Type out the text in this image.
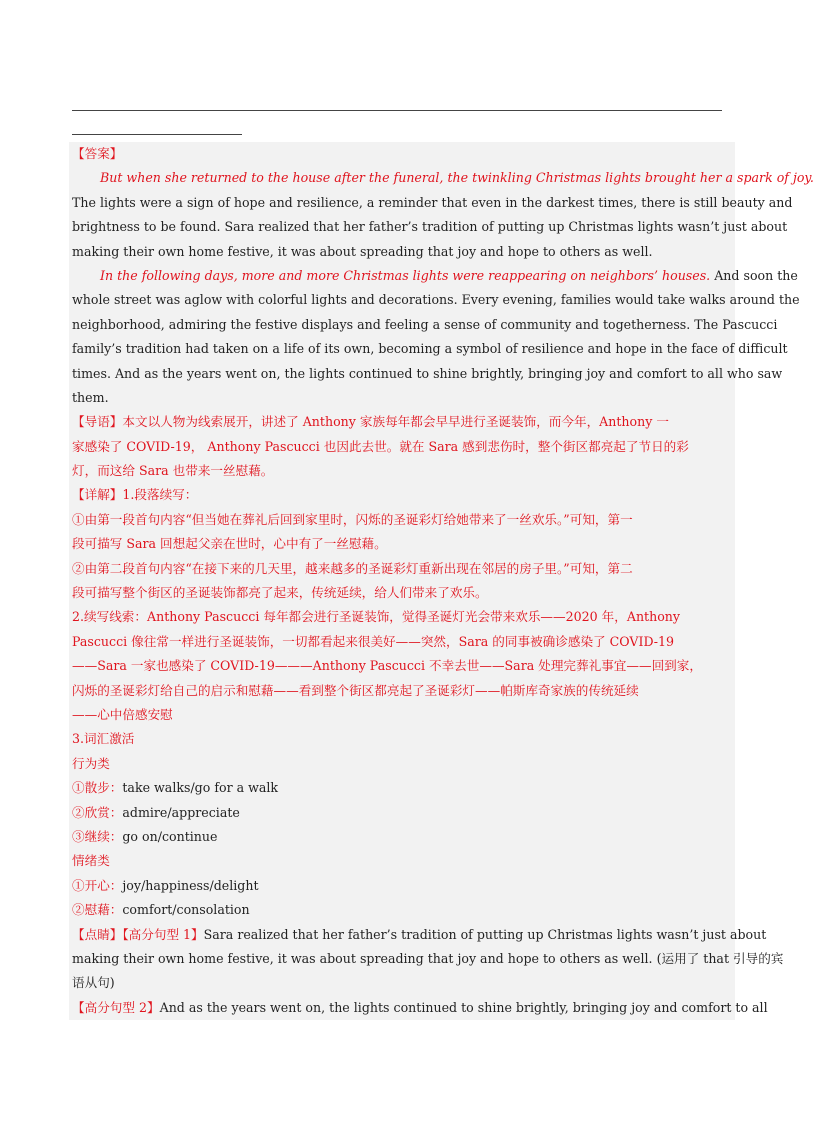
【答案】
But when she returned to the house after the funeral, the twinkling Christmas lights brought her a spark of joy.
The lights were a sign of hope and resilience, a reminder that even in the darkest times, there is still beauty and
brightness to be found. Sara realized that her father’s tradition of putting up Christmas lights wasn’t just about
making their own home festive, it was about spreading that joy and hope to others as well.
In the following days, more and more Christmas lights were reappearing on neighbors’ houses. And soon the
whole street was aglow with colorful lights and decorations. Every evening, families would take walks around the
neighborhood, admiring the festive displays and feeling a sense of community and togetherness. The Pascucci
family’s tradition had taken on a life of its own, becoming a symbol of resilience and hope in the face of difficult
times. And as the years went on, the lights continued to shine brightly, bringing joy and comfort to all who saw
them.
【导语】本文以人物为线索展开，讲述了 Anthony 家族每年都会早早进行圣诞装饰，而今年，Anthony 一
家感染了 COVID-19， Anthony Pascucci 也因此去世。就在 Sara 感到悲伤时，整个街区都亮起了节日的彩
灯，而这给 Sara 也带来一丝慰藉。
【详解】1.段落续写：
①由第一段首句内容“但当她在葬礼后回到家里时，闪烁的圣诞彩灯给她带来了一丝欢乐。”可知，第一
段可描写 Sara 回想起父亲在世时，心中有了一丝慰藉。
②由第二段首句内容“在接下来的几天里，越来越多的圣诞彩灯重新出现在邻居的房子里。”可知，第二
段可描写整个街区的圣诞装饰都亮了起来，传统延续，给人们带来了欢乐。
2.续写线索：Anthony Pascucci 每年都会进行圣诞装饰，觉得圣诞灯光会带来欢乐——2020 年，Anthony
Pascucci 像往常一样进行圣诞装饰，一切都看起来很美好——突然，Sara 的同事被确诊感染了 COVID-19
——Sara 一家也感染了 COVID-19———Anthony Pascucci 不幸去世——Sara 处理完葬礼事宜——回到家，
闪烁的圣诞彩灯给自己的启示和慰藉——看到整个街区都亮起了圣诞彩灯——帕斯库奇家族的传统延续
——心中倍感安慰
3.词汇激活
行为类
①散步：take walks/go for a walk
②欣赏：admire/appreciate
③继续：go on/continue
情绪类
①开心：joy/happiness/delight
②慰藉：comfort/consolation
【点睛】【高分句型 1】Sara realized that her father’s tradition of putting up Christmas lights wasn’t just about
making their own home festive, it was about spreading that joy and hope to others as well. (运用了 that 引导的宾
语从句)
【高分句型 2】And as the years went on, the lights continued to shine brightly, bringing joy and comfort to all
